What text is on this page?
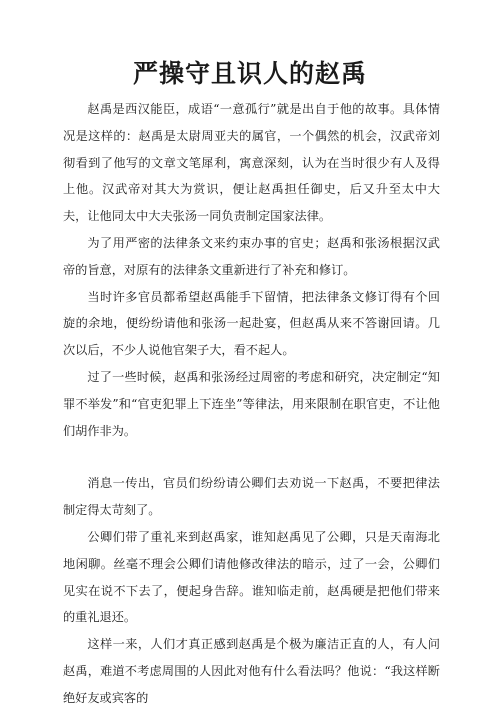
严操守且识人的赵禹

赵禹是西汉能臣，成语“一意孤行”就是出自于他的故事。具体情况是这样的：赵禹是太尉周亚夫的属官，一个偶然的机会，汉武帝刘彻看到了他写的文章文笔犀利，寓意深刻，认为在当时很少有人及得上他。汉武帝对其大为赏识，便让赵禹担任御史，后又升至太中大夫，让他同太中大夫张汤一同负责制定国家法律。

为了用严密的法律条文来约束办事的官史；赵禹和张汤根据汉武帝的旨意，对原有的法律条文重新进行了补充和修订。

当时许多官员都希望赵禹能手下留情，把法律条文修订得有个回旋的余地，便纷纷请他和张汤一起赴宴，但赵禹从来不答谢回请。几次以后，不少人说他官架子大，看不起人。

过了一些时候，赵禹和张汤经过周密的考虑和研究，决定制定“知罪不举发”和“官吏犯罪上下连坐”等律法，用来限制在职官吏，不让他们胡作非为。

消息一传出，官员们纷纷请公卿们去劝说一下赵禹，不要把律法制定得太苛刻了。

公卿们带了重礼来到赵禹家，谁知赵禹见了公卿，只是天南海北地闲聊。丝毫不理会公卿们请他修改律法的暗示，过了一会，公卿们见实在说不下去了，便起身告辞。谁知临走前，赵禹硬是把他们带来的重礼退还。

这样一来，人们才真正感到赵禹是个极为廉洁正直的人，有人问赵禹，难道不考虑周围的人因此对他有什么看法吗？他说：“我这样断绝好友或宾客的
